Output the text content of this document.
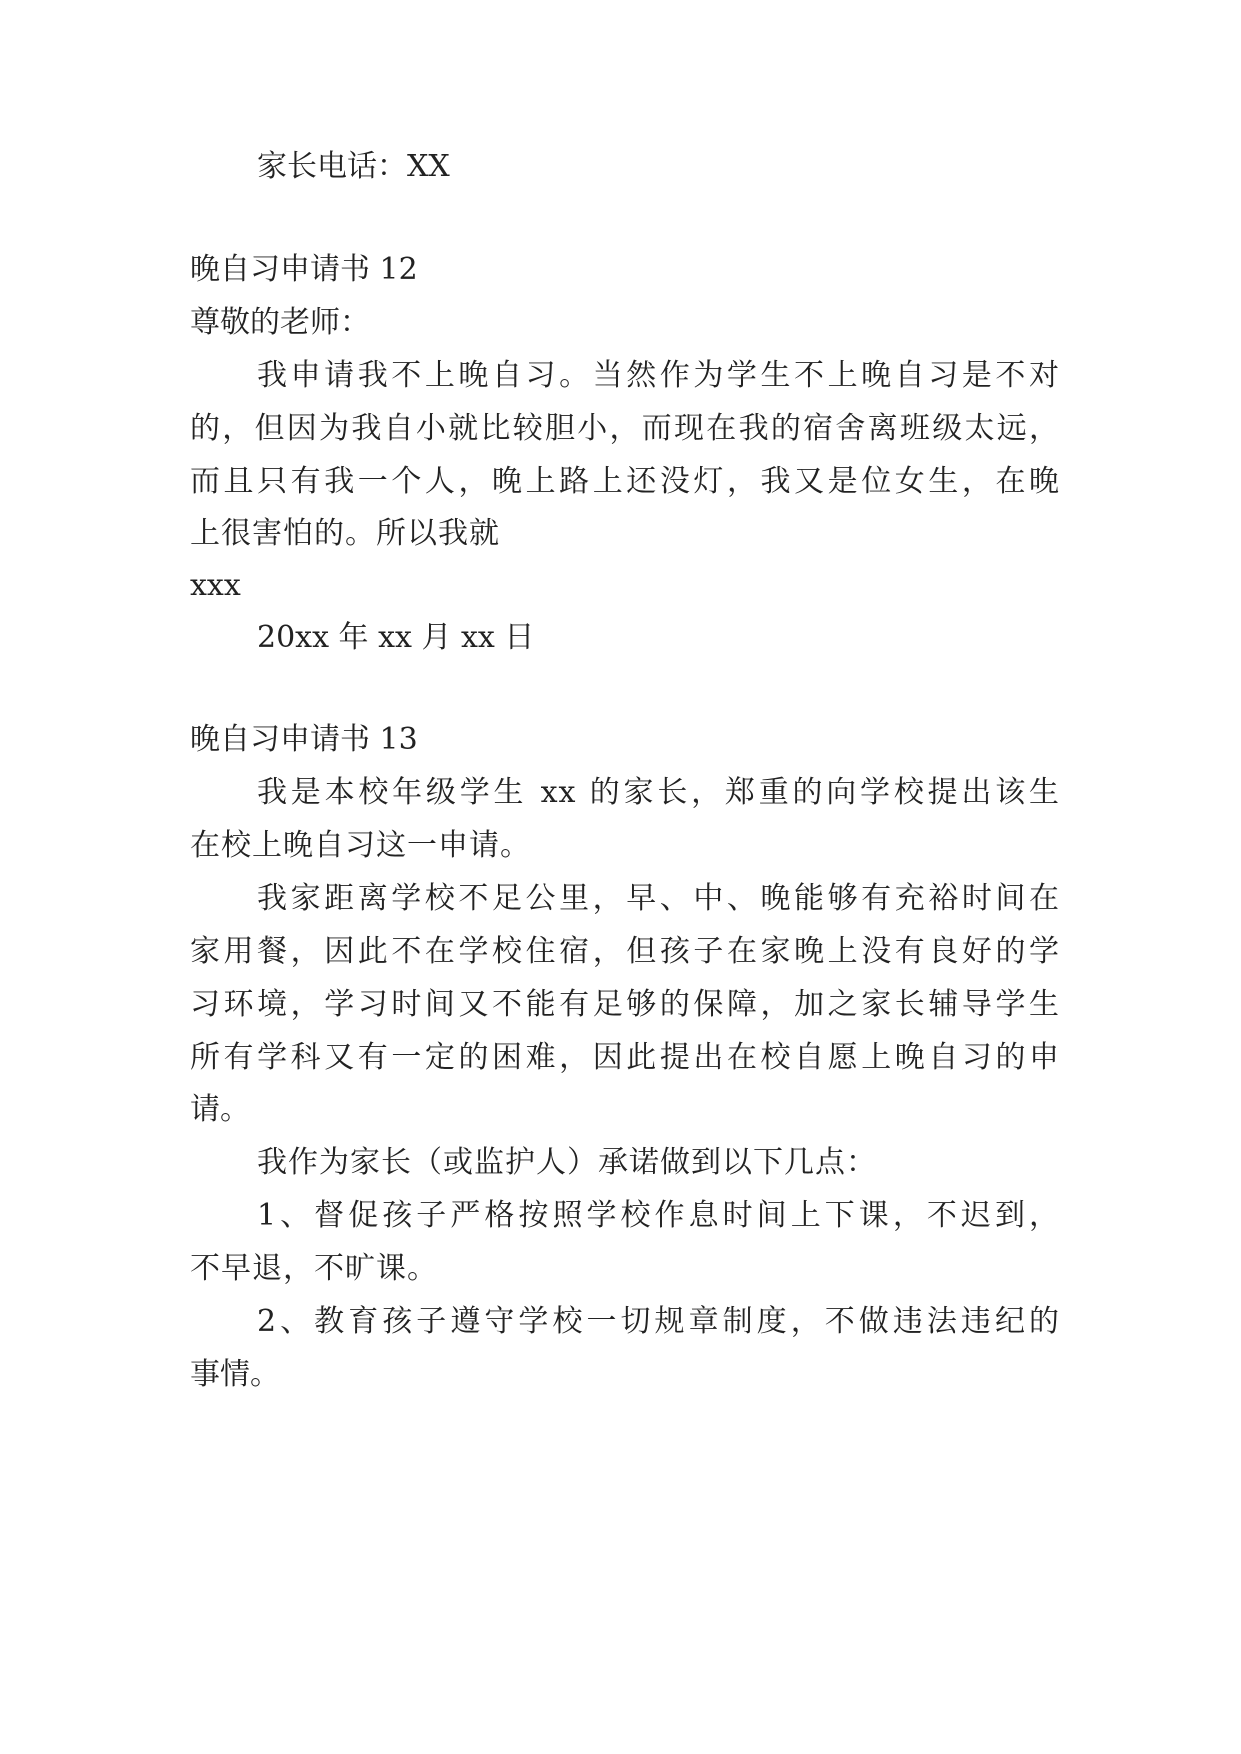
家长电话：XX
晚自习申请书 12
尊敬的老师：
我申请我不上晚自习。当然作为学生不上晚自习是不对
的，但因为我自小就比较胆小，而现在我的宿舍离班级太远，
而且只有我一个人，晚上路上还没灯，我又是位女生，在晚
上很害怕的。所以我就
xxx
20xx 年 xx 月 xx 日
晚自习申请书 13
我是本校年级学生 xx 的家长，郑重的向学校提出该生
在校上晚自习这一申请。
我家距离学校不足公里，早、中、晚能够有充裕时间在
家用餐，因此不在学校住宿，但孩子在家晚上没有良好的学
习环境，学习时间又不能有足够的保障，加之家长辅导学生
所有学科又有一定的困难，因此提出在校自愿上晚自习的申
请。
我作为家长（或监护人）承诺做到以下几点：
1、督促孩子严格按照学校作息时间上下课，不迟到，
不早退，不旷课。
2、教育孩子遵守学校一切规章制度，不做违法违纪的
事情。
